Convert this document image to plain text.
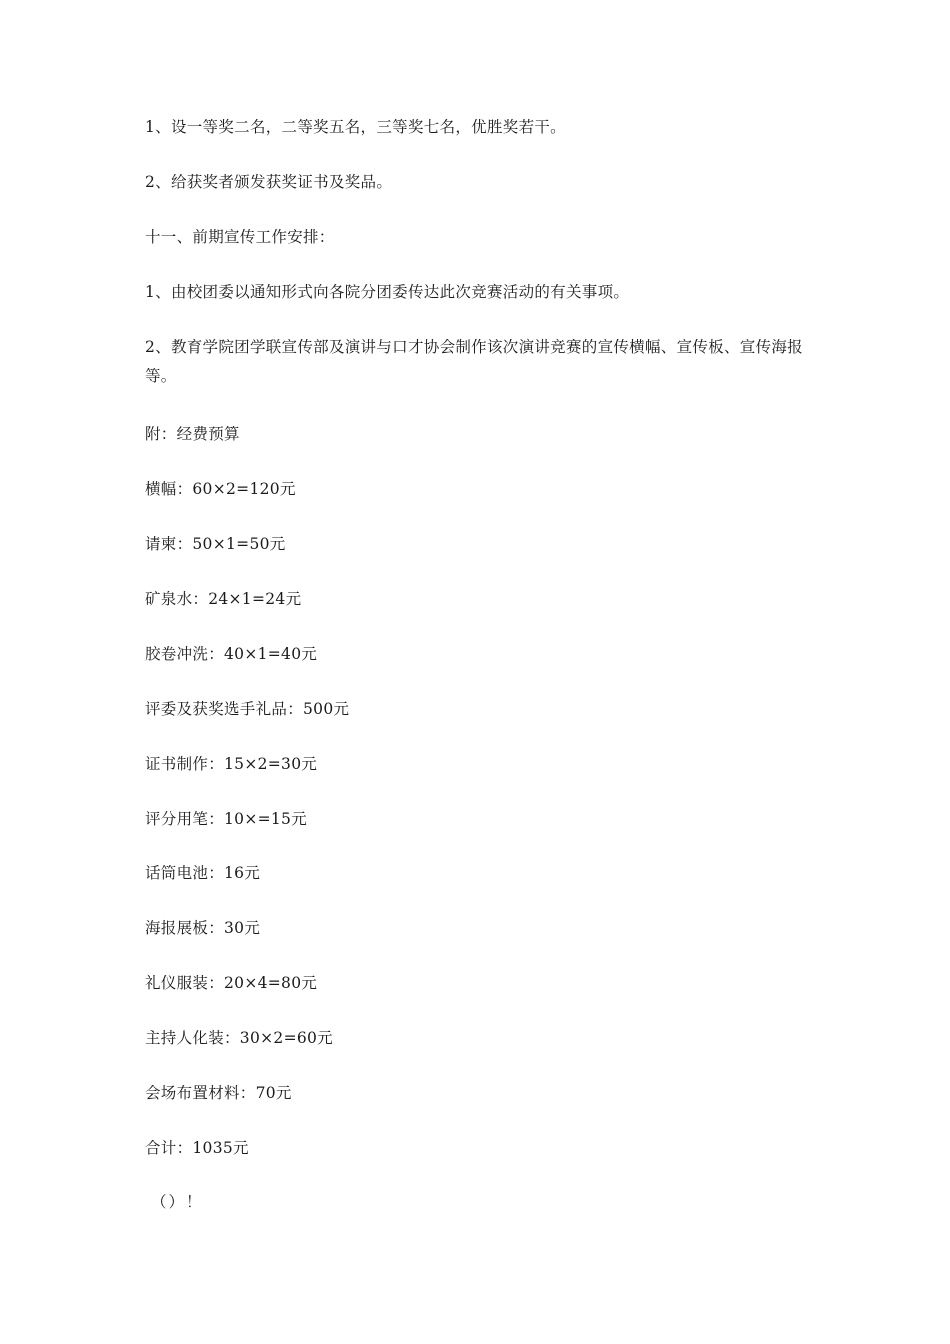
1、设一等奖二名，二等奖五名，三等奖七名，优胜奖若干。
2、给获奖者颁发获奖证书及奖品。
十一、前期宣传工作安排：
1、由校团委以通知形式向各院分团委传达此次竞赛活动的有关事项。
2、教育学院团学联宣传部及演讲与口才协会制作该次演讲竞赛的宣传横幅、宣传板、宣传海报等。
附：经费预算
横幅：60×2=120元
请柬：50×1=50元
矿泉水：24×1=24元
胶卷冲洗：40×1=40元
评委及获奖选手礼品：500元
证书制作：15×2=30元
评分用笔：10×=15元
话筒电池：16元
海报展板：30元
礼仪服装：20×4=80元
主持人化装：30×2=60元
会场布置材料：70元
合计：1035元
（）！
